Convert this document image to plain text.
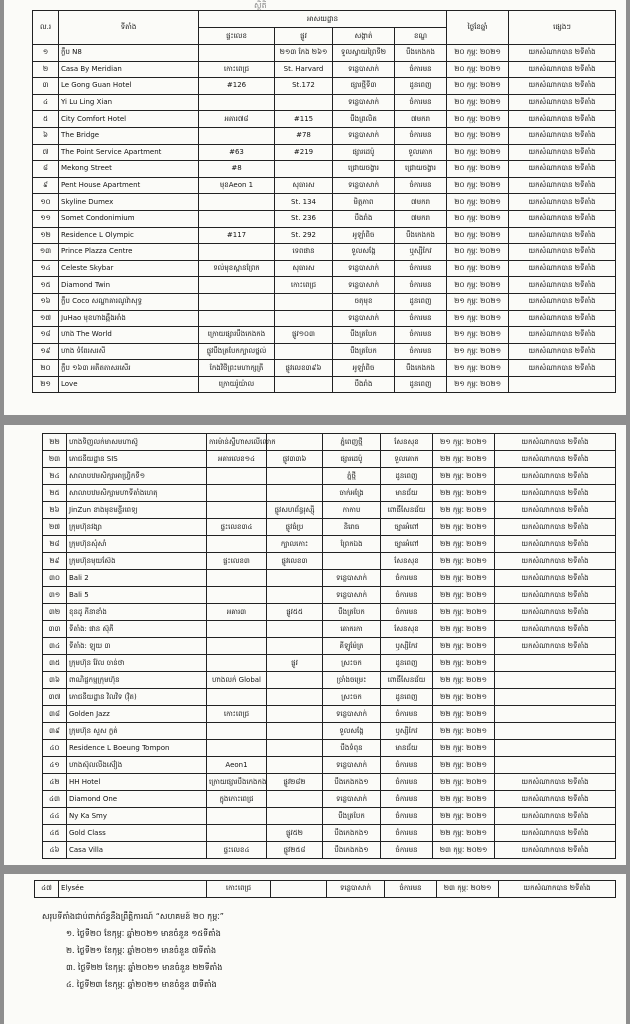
ស្ថិតិ
ល.រ	ទីតាំង	អាសយដ្ឋាន				ថ្ងៃខែឆ្នាំ	ផ្សេងៗ
		ផ្ទះលេខ	ផ្លូវ	សង្កាត់	ខណ្ឌ		
១	ក្លឹប N8		២១៣ កែង ២៦១	ទួលស្វាយព្រៃទី២	បឹងកេងកង	២០ កុម្ភៈ ២០២១	យកសំណាកបាន ២ទីតាំង
២	Casa By Meridian	កោះពេជ្រ	St. Harvard	ទន្លេបាសាក់	ចំការមន	២០ កុម្ភៈ ២០២១	យកសំណាកបាន ២ទីតាំង
៣	Le Gong Guan Hotel	#126	St.172	ផ្សារថ្មីទី៣	ដូនពេញ	២០ កុម្ភៈ ២០២១	យកសំណាកបាន ២ទីតាំង
៤	Yi Lu Ling Xian			ទន្លេបាសាក់	ចំការមន	២០ កុម្ភៈ ២០២១	យកសំណាកបាន ២ទីតាំង
៥	City Comfort Hotel	អគារ៧៨	#115	បឹងព្រលិត	៧មករា	២០ កុម្ភៈ ២០២១	យកសំណាកបាន ២ទីតាំង
៦	The Bridge		#78	ទន្លេបាសាក់	ចំការមន	២០ កុម្ភៈ ២០២១	យកសំណាកបាន ២ទីតាំង
៧	The Point Service Apartment	#63	#219	ផ្សារដេប៉ូ	ទួលគោក	២០ កុម្ភៈ ២០២១	យកសំណាកបាន ២ទីតាំង
៨	Mekong Street	#8		ជ្រោយចង្វារ	ជ្រោយចង្វារ	២០ កុម្ភៈ ២០២១	យកសំណាកបាន ២ទីតាំង
៩	Pent House Apartment	មុខAeon 1	សុធារស	ទន្លេបាសាក់	ចំការមន	២០ កុម្ភៈ ២០២១	យកសំណាកបាន ២ទីតាំង
១០	Skyline Dumex		St. 134	មិត្តភាព	៧មករា	២០ កុម្ភៈ ២០២១	យកសំណាកបាន ២ទីតាំង
១១	Somet Condonimium		St. 236	បឹងរាំង	៧មករា	២០ កុម្ភៈ ២០២១	យកសំណាកបាន ២ទីតាំង
១២	Residence L Olympic	#117	St. 292	អូឡាំពិច	បឹងកេងកង	២០ កុម្ភៈ ២០២១	យកសំណាកបាន ២ទីតាំង
១៣	Prince Plazza Centre		ទេពផាន	ទួលសង្កែ	ឬស្សីកែវ	២០ កុម្ភៈ ២០២១	យកសំណាកបាន ២ទីតាំង
១៤	Celeste Skybar	ទល់មុខស្ពានព្រែក	សុធារស	ទន្លេបាសាក់	ចំការមន	២០ កុម្ភៈ ២០២១	យកសំណាកបាន ២ទីតាំង
១៥	Diamond Twin		កោះពេជ្រ	ទន្លេបាសាក់	ចំការមន	២០ កុម្ភៈ ២០២១	យកសំណាកបាន ២ទីតាំង
១៦	ក្លឹប Coco សណ្ឋាគារណូវ៉ាសុទ្ធ			ចតុមុខ	ដូនពេញ	២១ កុម្ភៈ ២០២១	យកសំណាកបាន ២ទីតាំង
១៧	JuHao មុខហាងឆ្អឹងអាំង			ទន្លេបាសាក់	ចំការមន	២១ កុម្ភៈ ២០២១	យកសំណាកបាន ២ទីតាំង
១៨	ហាង The World	ក្រោយផ្សារបឹងកេងកង	ផ្លូវ១០៣	បឹងត្របែក	ចំការមន	២១ កុម្ភៈ ២០២១	យកសំណាកបាន ២ទីតាំង
១៩	ហាង ទំពែរសរសី	ផ្លូវបឹងត្របែកក្បាលថ្នល់		បឹងត្របែក	ចំការមន	២១ កុម្ភៈ ២០២១	យកសំណាកបាន ២ទីតាំង
២០	ក្លឹប ១៦៣ អតីតតាសរសើរ	កែងវិថីព្រះមហាក្សត្រី	ផ្លូវលេខ៣៩៦	អូឡាំពិច	បឹងកេងកង	២១ កុម្ភៈ ២០២១	យកសំណាកបាន ២ទីតាំង
២១	Love	ក្រោយរ៉ូយ៉ាល		បឹងរាំង	ដូនពេញ	២១ កុម្ភៈ ២០២១	
២២	ហាងទិញលក់មាសមហាស៊ូ	ការម៉ាន់ស្ទីហាសលើលោក		ភ្នំពេញថ្មី	សែនសុខ	២១ កុម្ភៈ ២០២១	យកសំណាកបាន ២ទីតាំង
២៣	ភោជនីយដ្ឋាន SIS	អគារលេខ១៤	ផ្លូវ៣៣៦	ផ្សារដេប៉ូ	ទួលគោក	២២ កុម្ភៈ ២០២១	យកសំណាកបាន ២ទីតាំង
២៤	សាលាបឋមសិក្សាអាហ្វ្រិកទី១			ភ្នំថ្មី	ដូនពេញ	២២ កុម្ភៈ ២០២១	យកសំណាកបាន ២ទីតាំង
២៥	សាលាបឋមសិក្សាមហាទីតាំងហេតុ			ចាក់អង្រែ	មានជ័យ	២២ កុម្ភៈ ២០២១	យកសំណាកបាន ២ទីតាំង
២៦	JinZun ខាងមុខមន្ទីរពេទ្យ		ផ្លូវសហព័ន្ធរុស្ស៊ី	កាកាប	ពោធិ៍សែនជ័យ	២២ កុម្ភៈ ២០២១	យកសំណាកបាន ២ទីតាំង
២៧	ក្រុមហ៊ុនវង្សា	ផ្ទះលេខ៣៤	ផ្លូវធំប្រ	និរោធ	ច្បារអំពៅ	២២ កុម្ភៈ ២០២១	យកសំណាកបាន ២ទីតាំង
២៨	ក្រុមហ៊ុនសុំសាំ		ក្បាលកោះ	ព្រែកឯង	ច្បារអំពៅ	២២ កុម្ភៈ ២០២១	យកសំណាកបាន ២ទីតាំង
២៩	ក្រុមហ៊ុនមុយស៊ែង	ផ្ទះលេខ៣	ផ្លូវលេខ៣		សែនសុខ	២២ កុម្ភៈ ២០២១	យកសំណាកបាន ២ទីតាំង
៣០	Bali 2			ទន្លេបាសាក់	ចំការមន	២២ កុម្ភៈ ២០២១	យកសំណាកបាន ២ទីតាំង
៣១	Bali 5			ទន្លេបាសាក់	ចំការមន	២២ កុម្ភៈ ២០២១	យកសំណាកបាន ២ទីតាំង
៣២	ខុនដូ ភីនាខាំង	អគារ៣	ផ្លូវ៥៥	បឹងត្របែក	ចំការមន	២២ កុម្ភៈ ២០២១	យកសំណាកបាន ២ទីតាំង
៣៣	ទីតាំង: ផាន ស៊ុភី			គោករកា	សែនសុខ	២២ កុម្ភៈ ២០២១	យកសំណាកបាន ២ទីតាំង
៣៤	ទីតាំង: ឡុយ ៣			គីឡូម៉ែត្រ	ឫស្សីកែវ	២២ កុម្ភៈ ២០២១	យកសំណាកបាន ២ទីតាំង
៣៥	ក្រុមហ៊ុន វ៉ែល ចាន់ថា		ផ្លូវ	ស្រះចក	ដូនពេញ	២២ កុម្ភៈ ២០២១	
៣៦	ពាណិជ្ជកម្មក្រុមហ៊ុន	ហាងលក់ Global		ច្រាំងចម្រេះ	ពោធិ៍សែនជ័យ	២២ កុម្ភៈ ២០២១	
៣៧	ភោជនីយដ្ឋាន វិលវិទ (វ៉ិត)			ស្រះចក	ដូនពេញ	២២ កុម្ភៈ ២០២១	
៣៨	Golden Jazz	កោះពេជ្រ		ទន្លេបាសាក់	ចំការមន	២២ កុម្ភៈ ២០២១	
៣៩	ក្រុមហ៊ុន សួស ក្លត់			ទួលសង្កែ	ឫស្សីកែវ	២២ កុម្ភៈ ២០២១	
៤០	Residence L Boeung Tompon			បឹងទំពុន	មានជ័យ	២២ កុម្ភៈ ២០២១	
៤១	ហាងស៊ុលលីងស៊ៀង	Aeon1		ទន្លេបាសាក់	ចំការមន	២២ កុម្ភៈ ២០២១	
៤២	HH Hotel	ក្រោយផ្សារបឹងកេងកង	ផ្លូវ២៨២	បឹងកេងកង១	ចំការមន	២២ កុម្ភៈ ២០២១	យកសំណាកបាន ២ទីតាំង
៤៣	Diamond One	ក្នុងកោះពេជ្រ		ទន្លេបាសាក់	ចំការមន	២២ កុម្ភៈ ២០២១	យកសំណាកបាន ២ទីតាំង
៤៤	Ny Ka Smy			បឹងត្របែក	ចំការមន	២២ កុម្ភៈ ២០២១	យកសំណាកបាន ២ទីតាំង
៤៥	Gold Class		ផ្លូវ៥២	បឹងកេងកង១	ចំការមន	២២ កុម្ភៈ ២០២១	យកសំណាកបាន ២ទីតាំង
៤៦	Casa Villa	ផ្ទះលេខ៤	ផ្លូវ២៥៨	បឹងកេងកង១	ចំការមន	២៣ កុម្ភៈ ២០២១	យកសំណាកបាន ២ទីតាំង
៤៧	Elysée	កោះពេជ្រ		ទន្លេបាសាក់	ចំការមន	២៣ កុម្ភៈ ២០២១	យកសំណាកបាន ២ទីតាំង
សរុបទីតាំងជាប់ពាក់ព័ន្ធនឹងព្រឹត្តិការណ៍ “សហគមន៍ ២០ កុម្ភៈ”
១. ថ្ងៃទី២០ ខែកុម្ភៈ ឆ្នាំ២០២១ មានចំនួន ១៥ទីតាំង
២. ថ្ងៃទី២១ ខែកុម្ភៈ ឆ្នាំ២០២១ មានចំនួន ៧ទីតាំង
៣. ថ្ងៃទី២២ ខែកុម្ភៈ ឆ្នាំ២០២១ មានចំនួន ២២ទីតាំង
៤. ថ្ងៃទី២៣ ខែកុម្ភៈ ឆ្នាំ២០២១ មានចំនួន ៣ទីតាំង
